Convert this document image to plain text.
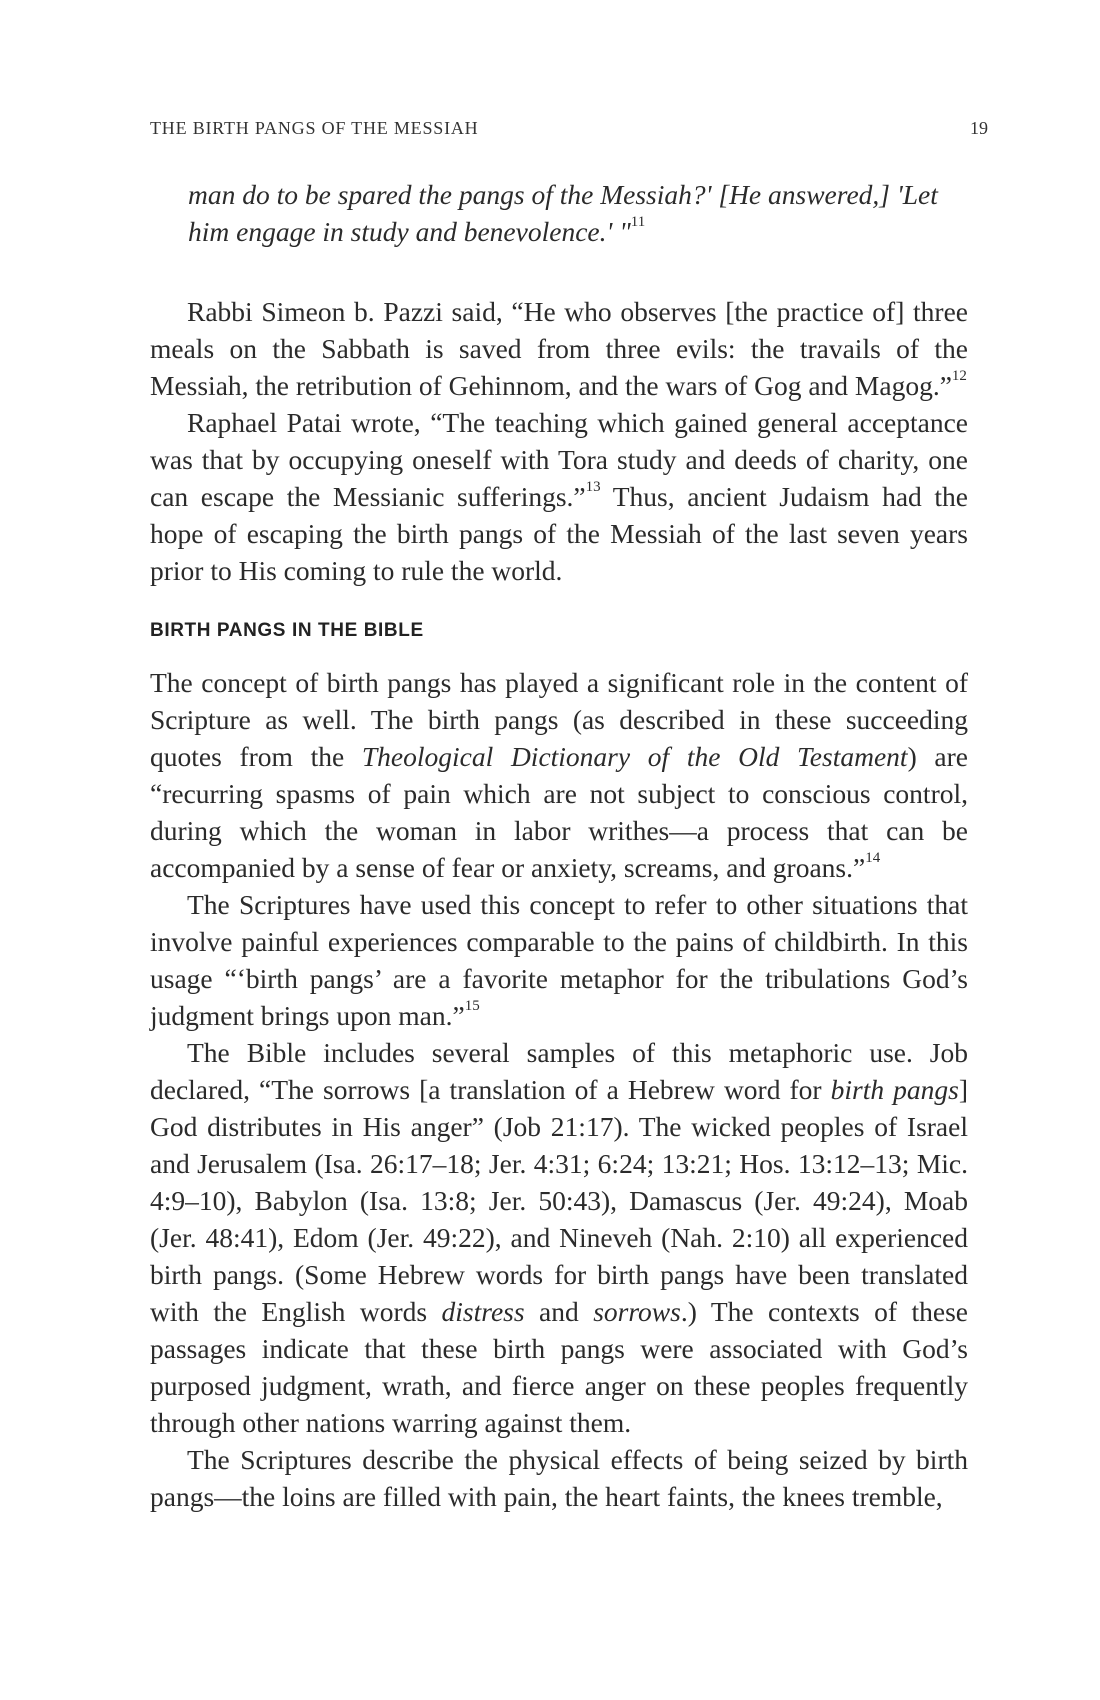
THE BIRTH PANGS OF THE MESSIAH	19

man do to be spared the pangs of the Messiah?' [He answered,] 'Let
him engage in study and benevolence.' "$^{11}$

Rabbi Simeon b. Pazzi said, “He who observes [the practice of] three meals on the Sabbath is saved from three evils: the travails of the Messiah, the retribution of Gehinnom, and the wars of Gog and Magog.”$^{12}$

Raphael Patai wrote, “The teaching which gained general acceptance was that by occupying oneself with Tora study and deeds of charity, one can escape the Messianic sufferings.”$^{13}$ Thus, ancient Judaism had the hope of escaping the birth pangs of the Messiah of the last seven years prior to His coming to rule the world.

BIRTH PANGS IN THE BIBLE

The concept of birth pangs has played a significant role in the content of Scripture as well. The birth pangs (as described in these succeeding quotes from the Theological Dictionary of the Old Testament) are “recurring spasms of pain which are not subject to conscious control, during which the woman in labor writhes—a process that can be accompanied by a sense of fear or anxiety, screams, and groans.”$^{14}$

The Scriptures have used this concept to refer to other situations that involve painful experiences comparable to the pains of childbirth. In this usage “‘birth pangs’ are a favorite metaphor for the tribulations God’s judgment brings upon man.”$^{15}$

The Bible includes several samples of this metaphoric use. Job declared, “The sorrows [a translation of a Hebrew word for birth pangs] God distributes in His anger” (Job 21:17). The wicked peoples of Israel and Jerusalem (Isa. 26:17–18; Jer. 4:31; 6:24; 13:21; Hos. 13:12–13; Mic. 4:9–10), Babylon (Isa. 13:8; Jer. 50:43), Damascus (Jer. 49:24), Moab (Jer. 48:41), Edom (Jer. 49:22), and Nineveh (Nah. 2:10) all experienced birth pangs. (Some Hebrew words for birth pangs have been translated with the English words distress and sorrows.) The contexts of these passages indicate that these birth pangs were associated with God’s purposed judgment, wrath, and fierce anger on these peoples frequently through other nations warring against them.

The Scriptures describe the physical effects of being seized by birth pangs—the loins are filled with pain, the heart faints, the knees tremble,
